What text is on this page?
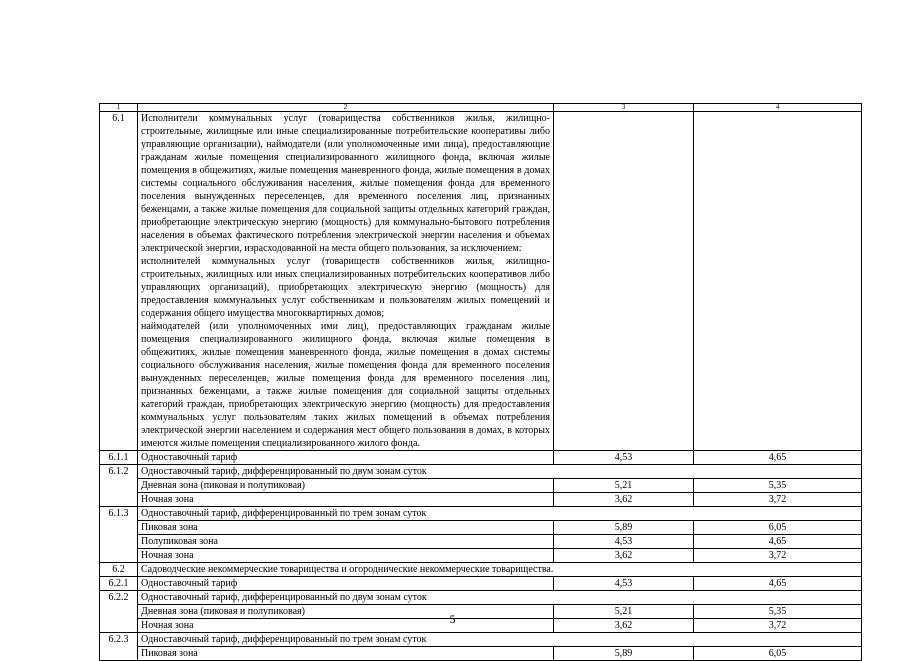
1	2	3	4
6.1	Исполнители коммунальных услуг (товарищества собственников жилья, жилищно-строительные, жилищные или иные специализированные потребительские кооперативы либо управляющие организации), наймодатели (или уполномоченные ими лица), предоставляющие гражданам жилые помещения специализированного жилищного фонда, включая жилые помещения в общежитиях, жилые помещения маневренного фонда, жилые помещения в домах системы социального обслуживания населения, жилые помещения фонда для временного поселения вынужденных переселенцев, для временного поселения лиц, признанных беженцами, а также жилые помещения для социальной защиты отдельных категорий граждан, приобретающие электрическую энергию (мощность) для коммунально-бытового потребления населения в объемах фактического потребления электрической энергии населения и объемах электрической энергии, израсходованной на места общего пользования, за исключением:

исполнителей коммунальных услуг (товариществ собственников жилья, жилищно-строительных, жилищных или иных специализированных потребительских кооперативов либо управляющих организаций), приобретающих электрическую энергию (мощность) для предоставления коммунальных услуг собственникам и пользователям жилых помещений и содержания общего имущества многоквартирных домов;

наймодателей (или уполномоченных ими лиц), предоставляющих гражданам жилые помещения специализированного жилищного фонда, включая жилые помещения в общежитиях, жилые помещения маневренного фонда, жилые помещения в домах системы социального обслуживания населения, жилые помещения фонда для временного поселения вынужденных переселенцев, жилые помещения фонда для временного поселения лиц, признанных беженцами, а также жилые помещения для социальной защиты отдельных категорий граждан, приобретающих электрическую энергию (мощность) для предоставления коммунальных услуг пользователям таких жилых помещений в объемах потребления электрической энергии населением и содержания мест общего пользования в домах, в которых имеются жилые помещения специализированного жилого фонда.		

6.1.1	Одноставочный тариф	4,53	4,65
6.1.2	Одноставочный тариф, дифференцированный по двум зонам суток		
	Дневная зона (пиковая и полупиковая)	5,21	5,35
	Ночная зона	3,62	3,72
6.1.3	Одноставочный тариф, дифференцированный по трем зонам суток		
	Пиковая зона	5,89	6,05
	Полупиковая зона	4,53	4,65
	Ночная зона	3,62	3,72
6.2	Садоводческие некоммерческие товарищества и огороднические некоммерческие товарищества.		
6.2.1	Одноставочный тариф	4,53	4,65
6.2.2	Одноставочный тариф, дифференцированный по двум зонам суток		
	Дневная зона (пиковая и полупиковая)	5,21	5,35
	Ночная зона	3,62	3,72
6.2.3	Одноставочный тариф, дифференцированный по трем зонам суток		
	Пиковая зона	5,89	6,05
5
